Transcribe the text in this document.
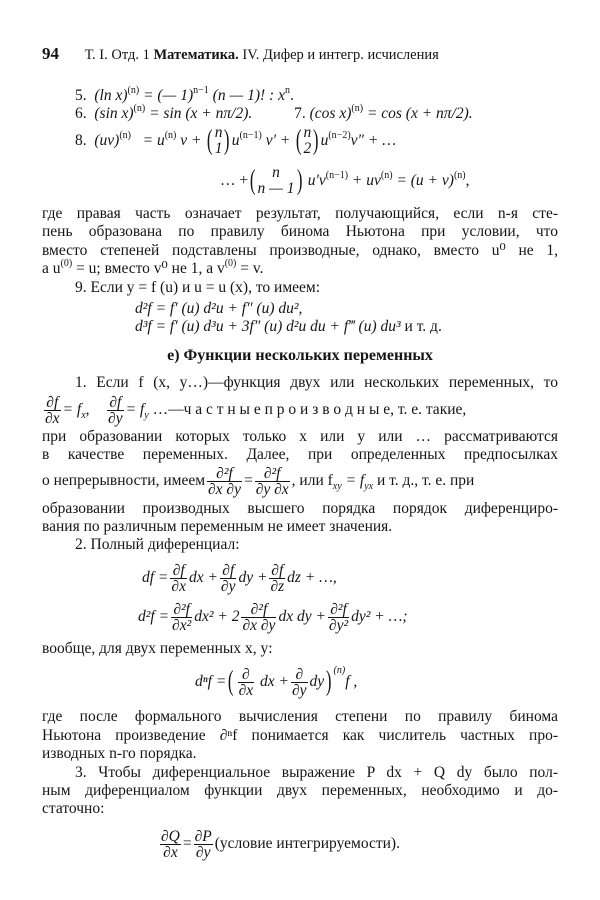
94 Т. I. Отд. 1 Математика. IV. Дифер и интегр. исчисления
5. (ln x)$^{(n)}$ = (— 1)$^{n-1}$ (n — 1)! : $x^n$.
6. (sin x)$^{(n)}$ = sin (x + nπ/2).	7. (cos x)$^{(n)}$ = cos (x + nπ/2).
8. $(uv)^{(n)} = u^{(n)}$ v + ( n
1 ) $u^{(n-1)}$ v′ + ( n
2 ) $u^{(n-2)}v''$ + …
… +(	n
n — 1 ) $u'v^{(n-1)} + uv^{(n)} = (u + v)^{(n)}$,
где правая часть означает результат, получающийся, если n-я сте-
пень образована по правилу бинома Ньютона при условии, что
вместо степеней подставлены производные, однако, вместо u⁰ не 1,
а $u^{(0)} = u$; вместо v⁰ не 1, а $v^{(0)} = v$.
9. Если y = f (u) и u = u (x), то имеем:
d²f = f′ (u) d²u + f″ (u) du²,
d³f = f′ (u) d³u + 3f″ (u) d²u du + f‴ (u) du³ и т. д.
е) Функции нескольких переменных
1. Если f (x, y…)—функция двух или нескольких переменных, то
$\frac{\partial f}{\partial x} = f_x$, $\frac{\partial f}{\partial y} = f_y$ …—ч а с т н ы е п р о и з в о д н ы е, т. е. такие,
при образовании которых только x или y или … рассматриваются
в качестве переменных. Далее, при определенных предпосылках
о непрерывности, имеем $\frac{\text{∂²f}}{\partial x \partial y} = \frac{\text{∂²f}}{\partial y \partial x}$ , или $f_{xy} = f_{yx}$ и т. д., т. е. при
образовании производных высшего порядка порядок диференциро-
вания по различным переменным не имеет значения.
2. Полный диференциал:
df = $\frac{\partial f}{\partial x}$ dx + $\frac{\partial f}{\partial y}$ dy + $\frac{\partial f}{\partial z}$ dz + …,
$d^2f = \frac{\text{∂²f}}{\text{∂x²}} dx^2 + 2 \frac{\text{∂²f}}{\partial x \partial y}$ dx dy + $\frac{\text{∂²f}}{\text{∂y²}} dy^2$ + …;
вообще, для двух переменных x, y:
dⁿf =( ∂
∂x
dx + ∂
∂y
dy) $^{(n)}$f ,
где после формального вычисления степени по правилу бинома
Ньютона произведение ∂ⁿf понимается как числитель частных про-
изводных n-го порядка.
3. Чтобы диференциальное выражение P dx + Q dy было пол-
ным диференциалом функции двух переменных, необходимо и до-
статочно:
$\frac{\partial Q}{\partial x} = \frac{\partial P}{\partial y}$ (условие интегрируемости).
